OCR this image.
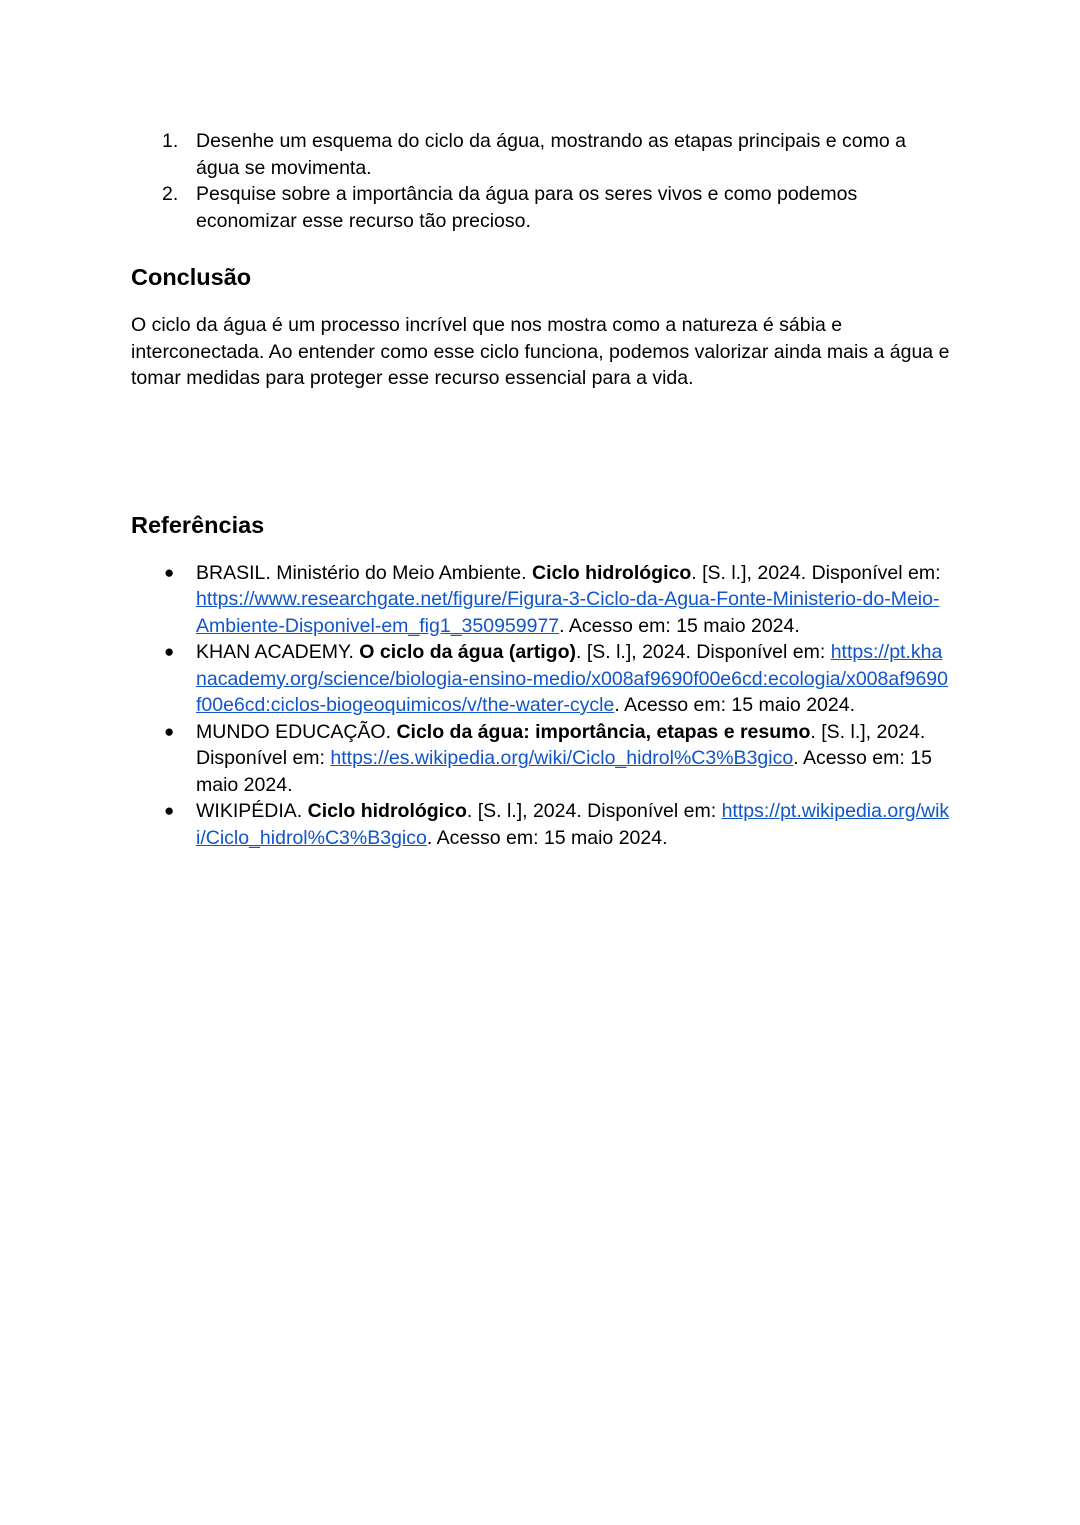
1. Desenhe um esquema do ciclo da água, mostrando as etapas principais e como a água se movimenta.
2. Pesquise sobre a importância da água para os seres vivos e como podemos economizar esse recurso tão precioso.
Conclusão

O ciclo da água é um processo incrível que nos mostra como a natureza é sábia e interconectada. Ao entender como esse ciclo funciona, podemos valorizar ainda mais a água e tomar medidas para proteger esse recurso essencial para a vida.

Referências
● BRASIL. Ministério do Meio Ambiente. Ciclo hidrológico. [S. l.], 2024. Disponível em: https://www.researchgate.net/figure/Figura-3-Ciclo-da-Agua-Fonte-Ministerio-do-Meio-Ambiente-Disponivel-em_fig1_350959977. Acesso em: 15 maio 2024.
● KHAN ACADEMY. O ciclo da água (artigo). [S. l.], 2024. Disponível em: https://pt.khanacademy.org/science/biologia-ensino-medio/x008af9690f00e6cd:ecologia/x008af9690f00e6cd:ciclos-biogeoquimicos/v/the-water-cycle. Acesso em: 15 maio 2024.
● MUNDO EDUCAÇÃO. Ciclo da água: importância, etapas e resumo. [S. l.], 2024. Disponível em: https://es.wikipedia.org/wiki/Ciclo_hidrol%C3%B3gico. Acesso em: 15 maio 2024.
● WIKIPÉDIA. Ciclo hidrológico. [S. l.], 2024. Disponível em: https://pt.wikipedia.org/wiki/Ciclo_hidrol%C3%B3gico. Acesso em: 15 maio 2024.
